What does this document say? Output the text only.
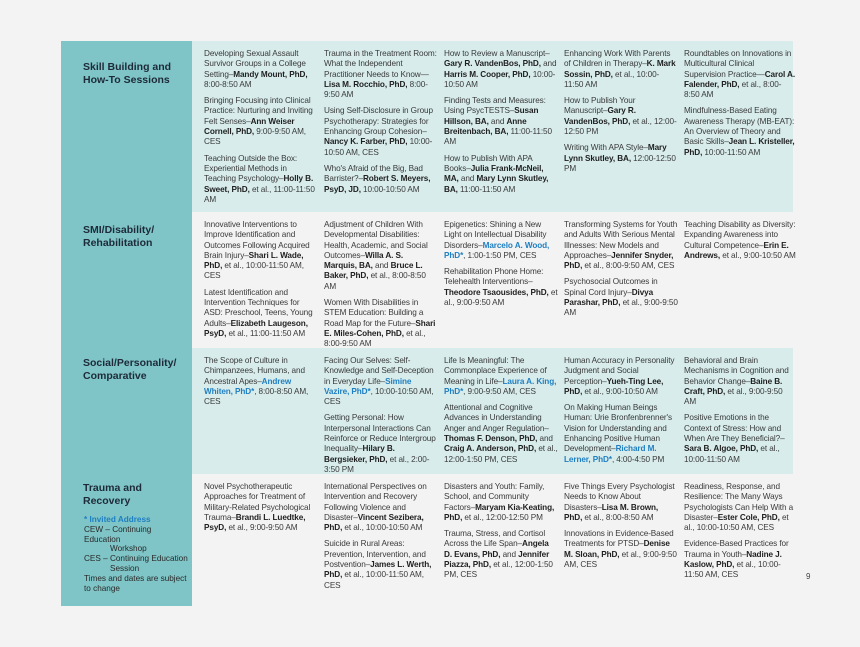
Developing Sexual Assault Survivor Groups in a College Setting–Mandy Mount, PhD, 8:00-8:50 AM

Bringing Focusing into Clinical Practice: Nurturing and Inviting Felt Senses–Ann Weiser Cornell, PhD, 9:00-9:50 AM, CES

Teaching Outside the Box: Experiential Methods in Teaching Psychology–Holly B. Sweet, PhD, et al., 11:00-11:50 AM

Trauma in the Treatment Room: What the Independent Practitioner Needs to Know—Lisa M. Rocchio, PhD, 8:00-9:50 AM

Using Self-Disclosure in Group Psychotherapy: Strategies for Enhancing Group Cohesion–Nancy K. Farber, PhD, 10:00-10:50 AM, CES

Who's Afraid of the Big, Bad Barrister?–Robert S. Meyers, PsyD, JD, 10:00-10:50 AM

How to Review a Manuscript–Gary R. VandenBos, PhD, and Harris M. Cooper, PhD, 10:00-10:50 AM

Finding Tests and Measures: Using PsycTESTS–Susan Hillson, BA, and Anne Breitenbach, BA, 11:00-11:50 AM

How to Publish With APA Books–Julia Frank-McNeil, MA, and Mary Lynn Skutley, BA, 11:00-11:50 AM

Enhancing Work With Parents of Children in Therapy–K. Mark Sossin, PhD, et al., 10:00-11:50 AM

How to Publish Your Manuscript–Gary R. VandenBos, PhD, et al., 12:00-12:50 PM

Writing With APA Style–Mary Lynn Skutley, BA, 12:00-12:50 PM

Roundtables on Innovations in Multicultural Clinical Supervision Practice—Carol A. Falender, PhD, et al., 8:00-8:50 AM

Mindfulness-Based Eating Awareness Therapy (MB-EAT): An Overview of Theory and Basic Skills–Jean L. Kristeller, PhD, 10:00-11:50 AM

Innovative Interventions to Improve Identification and Outcomes Following Acquired Brain Injury–Shari L. Wade, PhD, et al., 10:00-11:50 AM, CES

Latest Identification and Intervention Techniques for ASD: Preschool, Teens, Young Adults–Elizabeth Laugeson, PsyD, et al., 11:00-11:50 AM

Adjustment of Children With Developmental Disabilities: Health, Academic, and Social Outcomes–Willa A. S. Marquis, BA, and Bruce L. Baker, PhD, et al., 8:00-8:50 AM

Women With Disabilities in STEM Education: Building a Road Map for the Future–Shari E. Miles-Cohen, PhD, et al., 8:00-9:50 AM

Epigenetics: Shining a New Light on Intellectual Disability Disorders–Marcelo A. Wood, PhD*, 1:00-1:50 PM, CES

Rehabilitation Phone Home: Telehealth Interventions–Theodore Tsaousides, PhD, et al., 9:00-9:50 AM

Transforming Systems for Youth and Adults With Serious Mental Illnesses: New Models and Approaches–Jennifer Snyder, PhD, et al., 8:00-9:50 AM, CES

Psychosocial Outcomes in Spinal Cord Injury–Divya Parashar, PhD, et al., 9:00-9:50 AM

Teaching Disability as Diversity: Expanding Awareness into Cultural Competence–Erin E. Andrews, et al., 9:00-10:50 AM

The Scope of Culture in Chimpanzees, Humans, and Ancestral Apes–Andrew Whiten, PhD*, 8:00-8:50 AM, CES

Facing Our Selves: Self-Knowledge and Self-Deception in Everyday Life–Simine Vazire, PhD*, 10:00-10:50 AM, CES

Getting Personal: How Interpersonal Interactions Can Reinforce or Reduce Intergroup Inequality–Hilary B. Bergsieker, PhD, et al., 2:00-3:50 PM

Life Is Meaningful: The Commonplace Experience of Meaning in Life–Laura A. King, PhD*, 9:00-9:50 AM, CES

Attentional and Cognitive Advances in Understanding Anger and Anger Regulation–Thomas F. Denson, PhD, and Craig A. Anderson, PhD, et al., 12:00-1:50 PM, CES

Human Accuracy in Personality Judgment and Social Perception–Yueh-Ting Lee, PhD, et al., 9:00-10:50 AM

On Making Human Beings Human: Urie Bronfenbrenner's Vision for Understanding and Enhancing Positive Human Development–Richard M. Lerner, PhD*, 4:00-4:50 PM

Behavioral and Brain Mechanisms in Cognition and Behavior Change–Baine B. Craft, PhD, et al., 9:00-9:50 AM

Positive Emotions in the Context of Stress: How and When Are They Beneficial?–Sara B. Algoe, PhD, et al., 10:00-11:50 AM

Novel Psychotherapeutic Approaches for Treatment of Military-Related Psychological Trauma–Brandi L. Luedtke, PsyD, et al., 9:00-9:50 AM

International Perspectives on Intervention and Recovery Following Violence and Disaster–Vincent Sezibera, PhD, et al., 10:00-10:50 AM

Suicide in Rural Areas: Prevention, Intervention, and Postvention–James L. Werth, PhD, et al., 10:00-11:50 AM, CES

Disasters and Youth: Family, School, and Community Factors–Maryam Kia-Keating, PhD, et al., 12:00-12:50 PM

Trauma, Stress, and Cortisol Across the Life Span–Angela D. Evans, PhD, and Jennifer Piazza, PhD, et al., 12:00-1:50 PM, CES

Five Things Every Psychologist Needs to Know About Disasters–Lisa M. Brown, PhD, et al., 8:00-8:50 AM

Innovations in Evidence-Based Treatments for PTSD–Denise M. Sloan, PhD, et al., 9:00-9:50 AM, CES

Readiness, Response, and Resilience: The Many Ways Psychologists Can Help With a Disaster–Ester Cole, PhD, et al., 10:00-10:50 AM, CES

Evidence-Based Practices for Trauma in Youth–Nadine J. Kaslow, PhD, et al., 10:00-11:50 AM, CES

Skill Building and How-To Sessions
SMI/Disability/ Rehabilitation
Social/Personality/ Comparative
Trauma and Recovery
* Invited Address
CEW – Continuing Education
Workshop
CES – Continuing Education
Session
Times and dates are subject to change
9
